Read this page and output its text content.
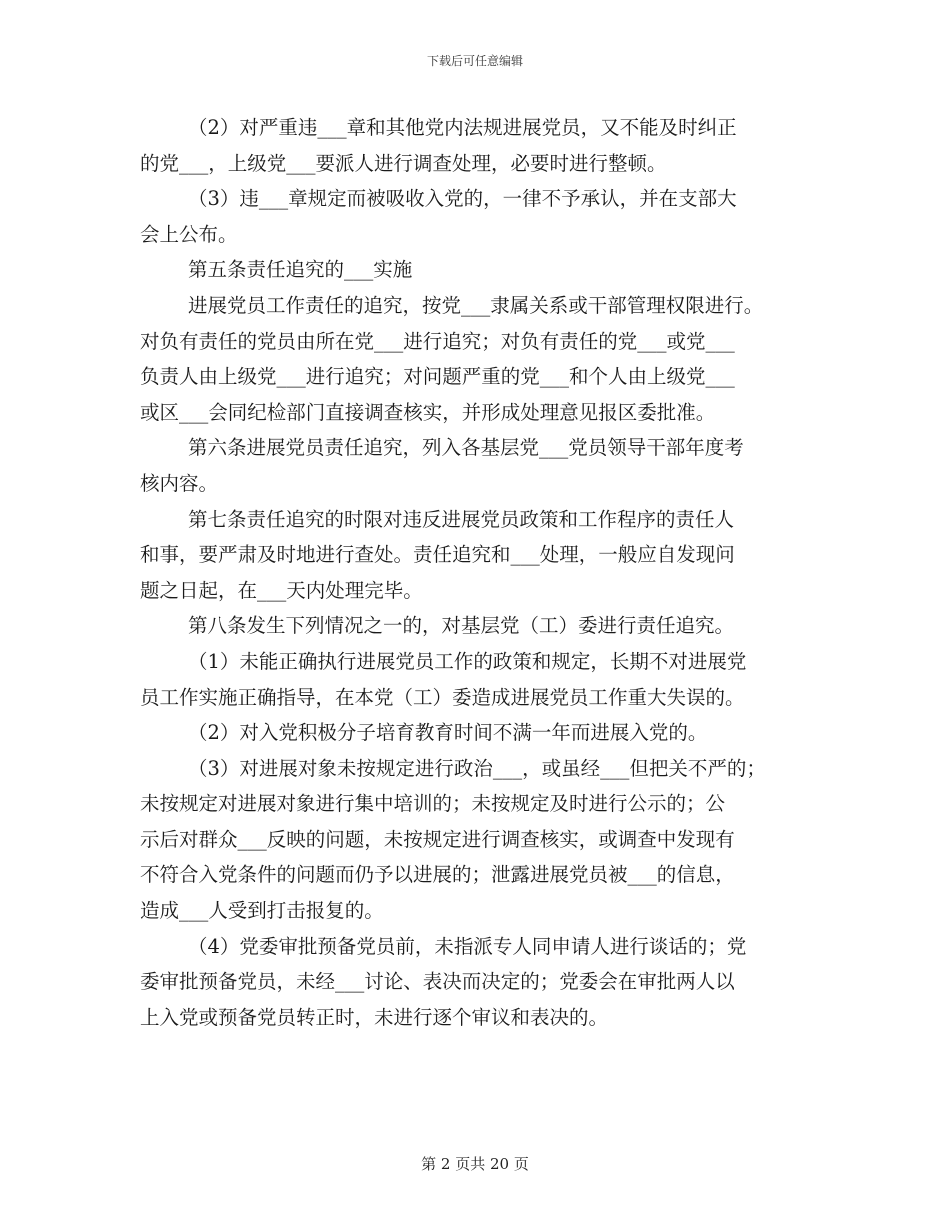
下载后可任意编辑
（2）对严重违___章和其他党内法规进展党员，又不能及时纠正
的党___，上级党___要派人进行调查处理，必要时进行整顿。
（3）违___章规定而被吸收入党的，一律不予承认，并在支部大
会上公布。
第五条责任追究的___实施
进展党员工作责任的追究，按党___隶属关系或干部管理权限进行。
对负有责任的党员由所在党___进行追究；对负有责任的党___或党___
负责人由上级党___进行追究；对问题严重的党___和个人由上级党___
或区___会同纪检部门直接调查核实，并形成处理意见报区委批准。
第六条进展党员责任追究，列入各基层党___党员领导干部年度考
核内容。
第七条责任追究的时限对违反进展党员政策和工作程序的责任人
和事，要严肃及时地进行查处。责任追究和___处理，一般应自发现问
题之日起，在___天内处理完毕。
第八条发生下列情况之一的，对基层党（工）委进行责任追究。
（1）未能正确执行进展党员工作的政策和规定，长期不对进展党
员工作实施正确指导，在本党（工）委造成进展党员工作重大失误的。
（2）对入党积极分子培育教育时间不满一年而进展入党的。
（3）对进展对象未按规定进行政治___，或虽经___但把关不严的；
未按规定对进展对象进行集中培训的；未按规定及时进行公示的；公
示后对群众___反映的问题，未按规定进行调查核实，或调查中发现有
不符合入党条件的问题而仍予以进展的；泄露进展党员被___的信息，
造成___人受到打击报复的。
（4）党委审批预备党员前，未指派专人同申请人进行谈话的；党
委审批预备党员，未经___讨论、表决而决定的；党委会在审批两人以
上入党或预备党员转正时，未进行逐个审议和表决的。
第 2 页共 20 页
